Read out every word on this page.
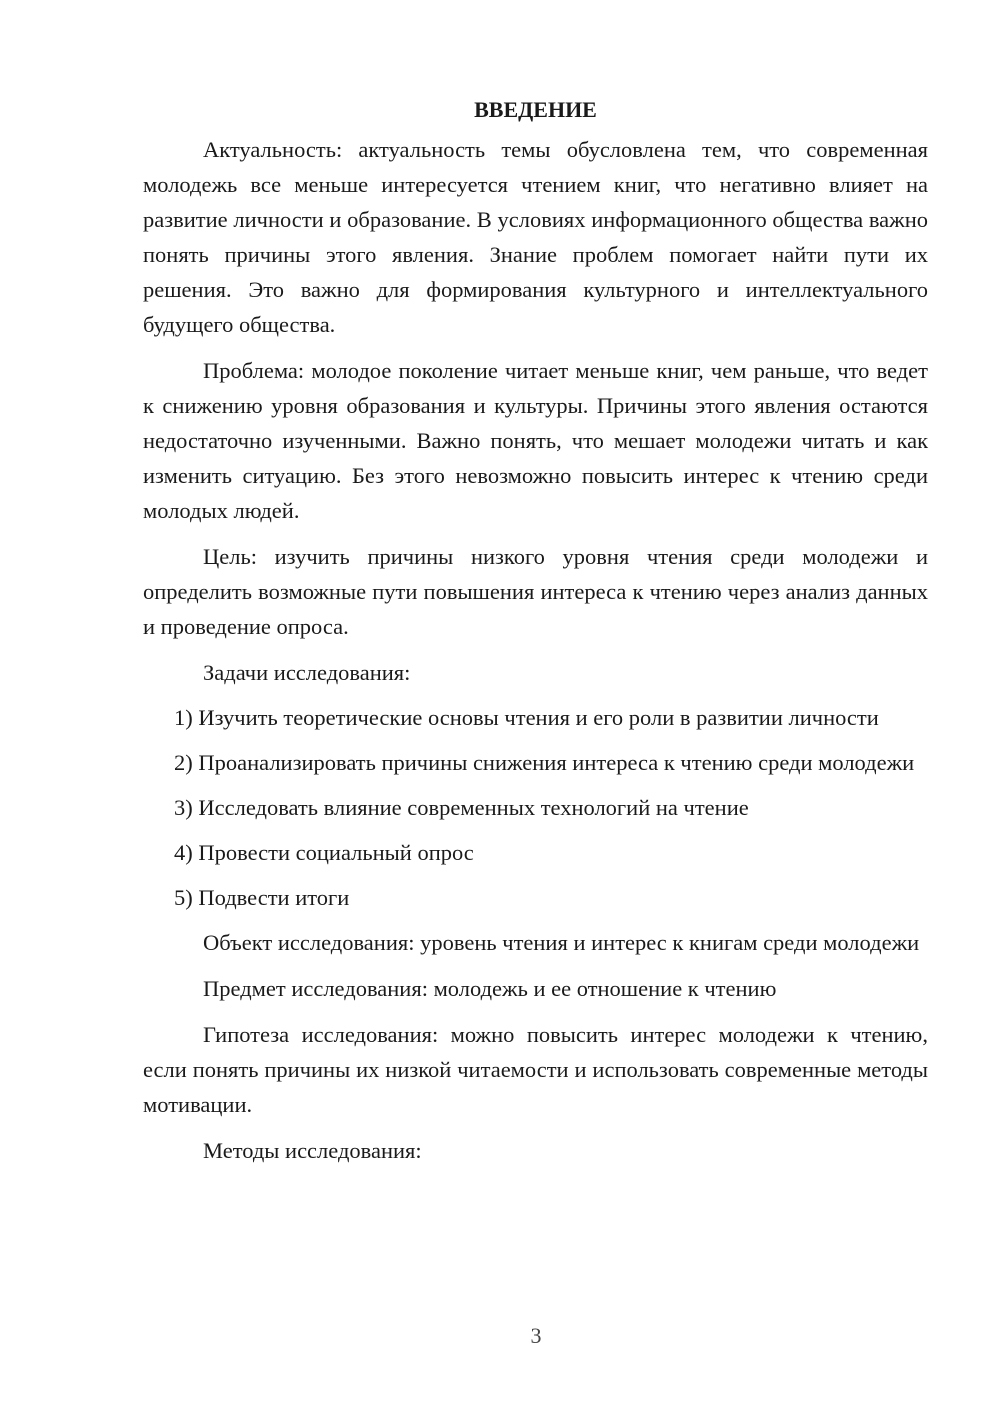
ВВЕДЕНИЕ

Актуальность: актуальность темы обусловлена тем, что современная молодежь все меньше интересуется чтением книг, что негативно влияет на развитие личности и образование. В условиях информационного общества важно понять причины этого явления. Знание проблем помогает найти пути их решения. Это важно для формирования культурного и интеллектуального будущего общества.

Проблема: молодое поколение читает меньше книг, чем раньше, что ведет к снижению уровня образования и культуры. Причины этого явления остаются недостаточно изученными. Важно понять, что мешает молодежи читать и как изменить ситуацию. Без этого невозможно повысить интерес к чтению среди молодых людей.

Цель: изучить причины низкого уровня чтения среди молодежи и определить возможные пути повышения интереса к чтению через анализ данных и проведение опроса.

Задачи исследования:

1) Изучить теоретические основы чтения и его роли в развитии личности

2) Проанализировать причины снижения интереса к чтению среди молодежи

3) Исследовать влияние современных технологий на чтение

4) Провести социальный опрос

5) Подвести итоги

Объект исследования: уровень чтения и интерес к книгам среди молодежи

Предмет исследования: молодежь и ее отношение к чтению

Гипотеза исследования: можно повысить интерес молодежи к чтению, если понять причины их низкой читаемости и использовать современные методы мотивации.

Методы исследования:

3
